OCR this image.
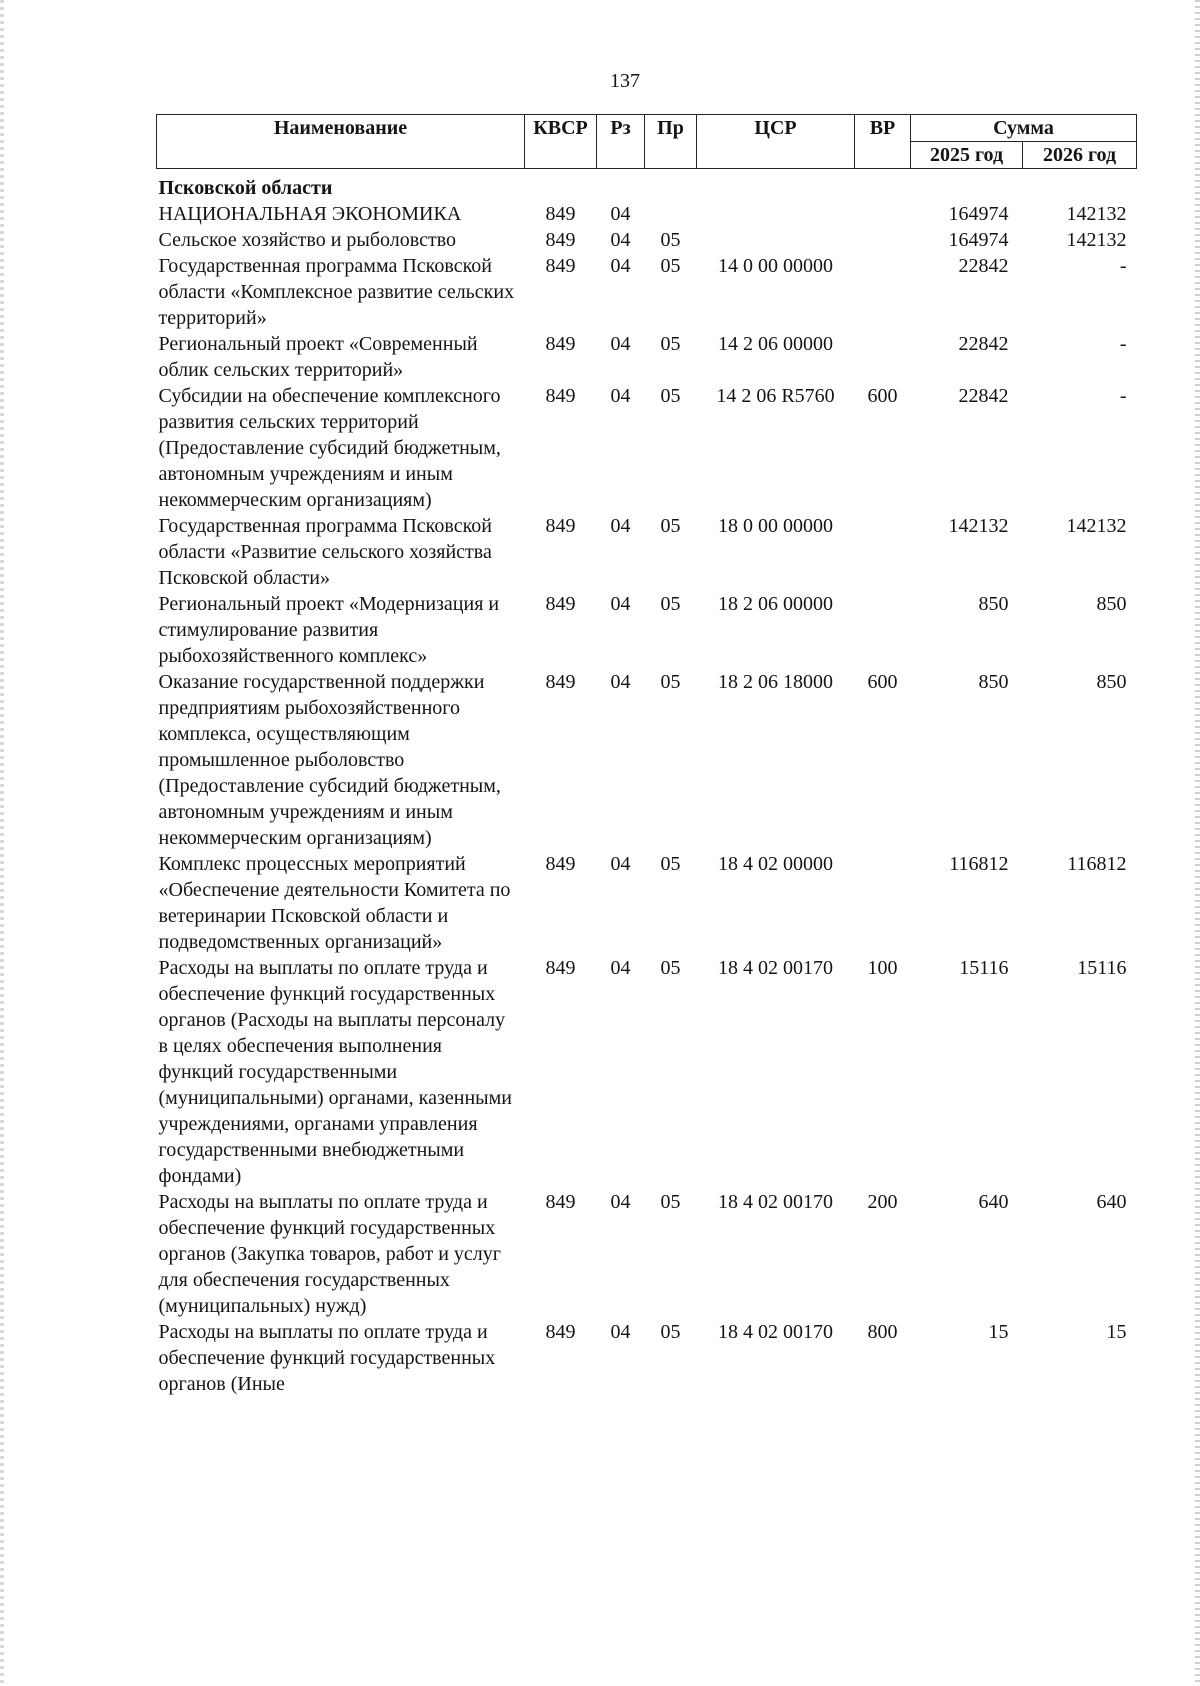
137
Наименование	КВСР	Рз	Пр	ЦСР	ВР	Сумма	
						2025 год	2026 год
Псковской области							
НАЦИОНАЛЬНАЯ ЭКОНОМИКА	849	04				164974	142132
Сельское хозяйство и рыболовство	849	04	05			164974	142132
Государственная программа Псковской области «Комплексное развитие сельских территорий»	849	04	05	14 0 00 00000		22842	-
Региональный проект «Современный облик сельских территорий»	849	04	05	14 2 06 00000		22842	-
Субсидии на обеспечение комплексного развития сельских территорий (Предоставление субсидий бюджетным, автономным учреждениям и иным некоммерческим организациям)	849	04	05	14 2 06 R5760	600	22842	-
Государственная программа Псковской области «Развитие сельского хозяйства Псковской области»	849	04	05	18 0 00 00000		142132	142132
Региональный проект «Модернизация и стимулирование развития рыбохозяйственного комплекс»	849	04	05	18 2 06 00000		850	850
Оказание государственной поддержки предприятиям рыбохозяйственного комплекса, осуществляющим промышленное рыболовство (Предоставление субсидий бюджетным, автономным учреждениям и иным некоммерческим организациям)	849	04	05	18 2 06 18000	600	850	850
Комплекс процессных мероприятий «Обеспечение деятельности Комитета по ветеринарии Псковской области и подведомственных организаций»	849	04	05	18 4 02 00000		116812	116812
Расходы на выплаты по оплате труда и обеспечение функций государственных органов (Расходы на выплаты персоналу в целях обеспечения выполнения функций государственными (муниципальными) органами, казенными учреждениями, органами управления государственными внебюджетными фондами)	849	04	05	18 4 02 00170	100	15116	15116
Расходы на выплаты по оплате труда и обеспечение функций государственных органов (Закупка товаров, работ и услуг для обеспечения государственных (муниципальных) нужд)	849	04	05	18 4 02 00170	200	640	640
Расходы на выплаты по оплате труда и обеспечение функций государственных органов (Иные	849	04	05	18 4 02 00170	800	15	15
